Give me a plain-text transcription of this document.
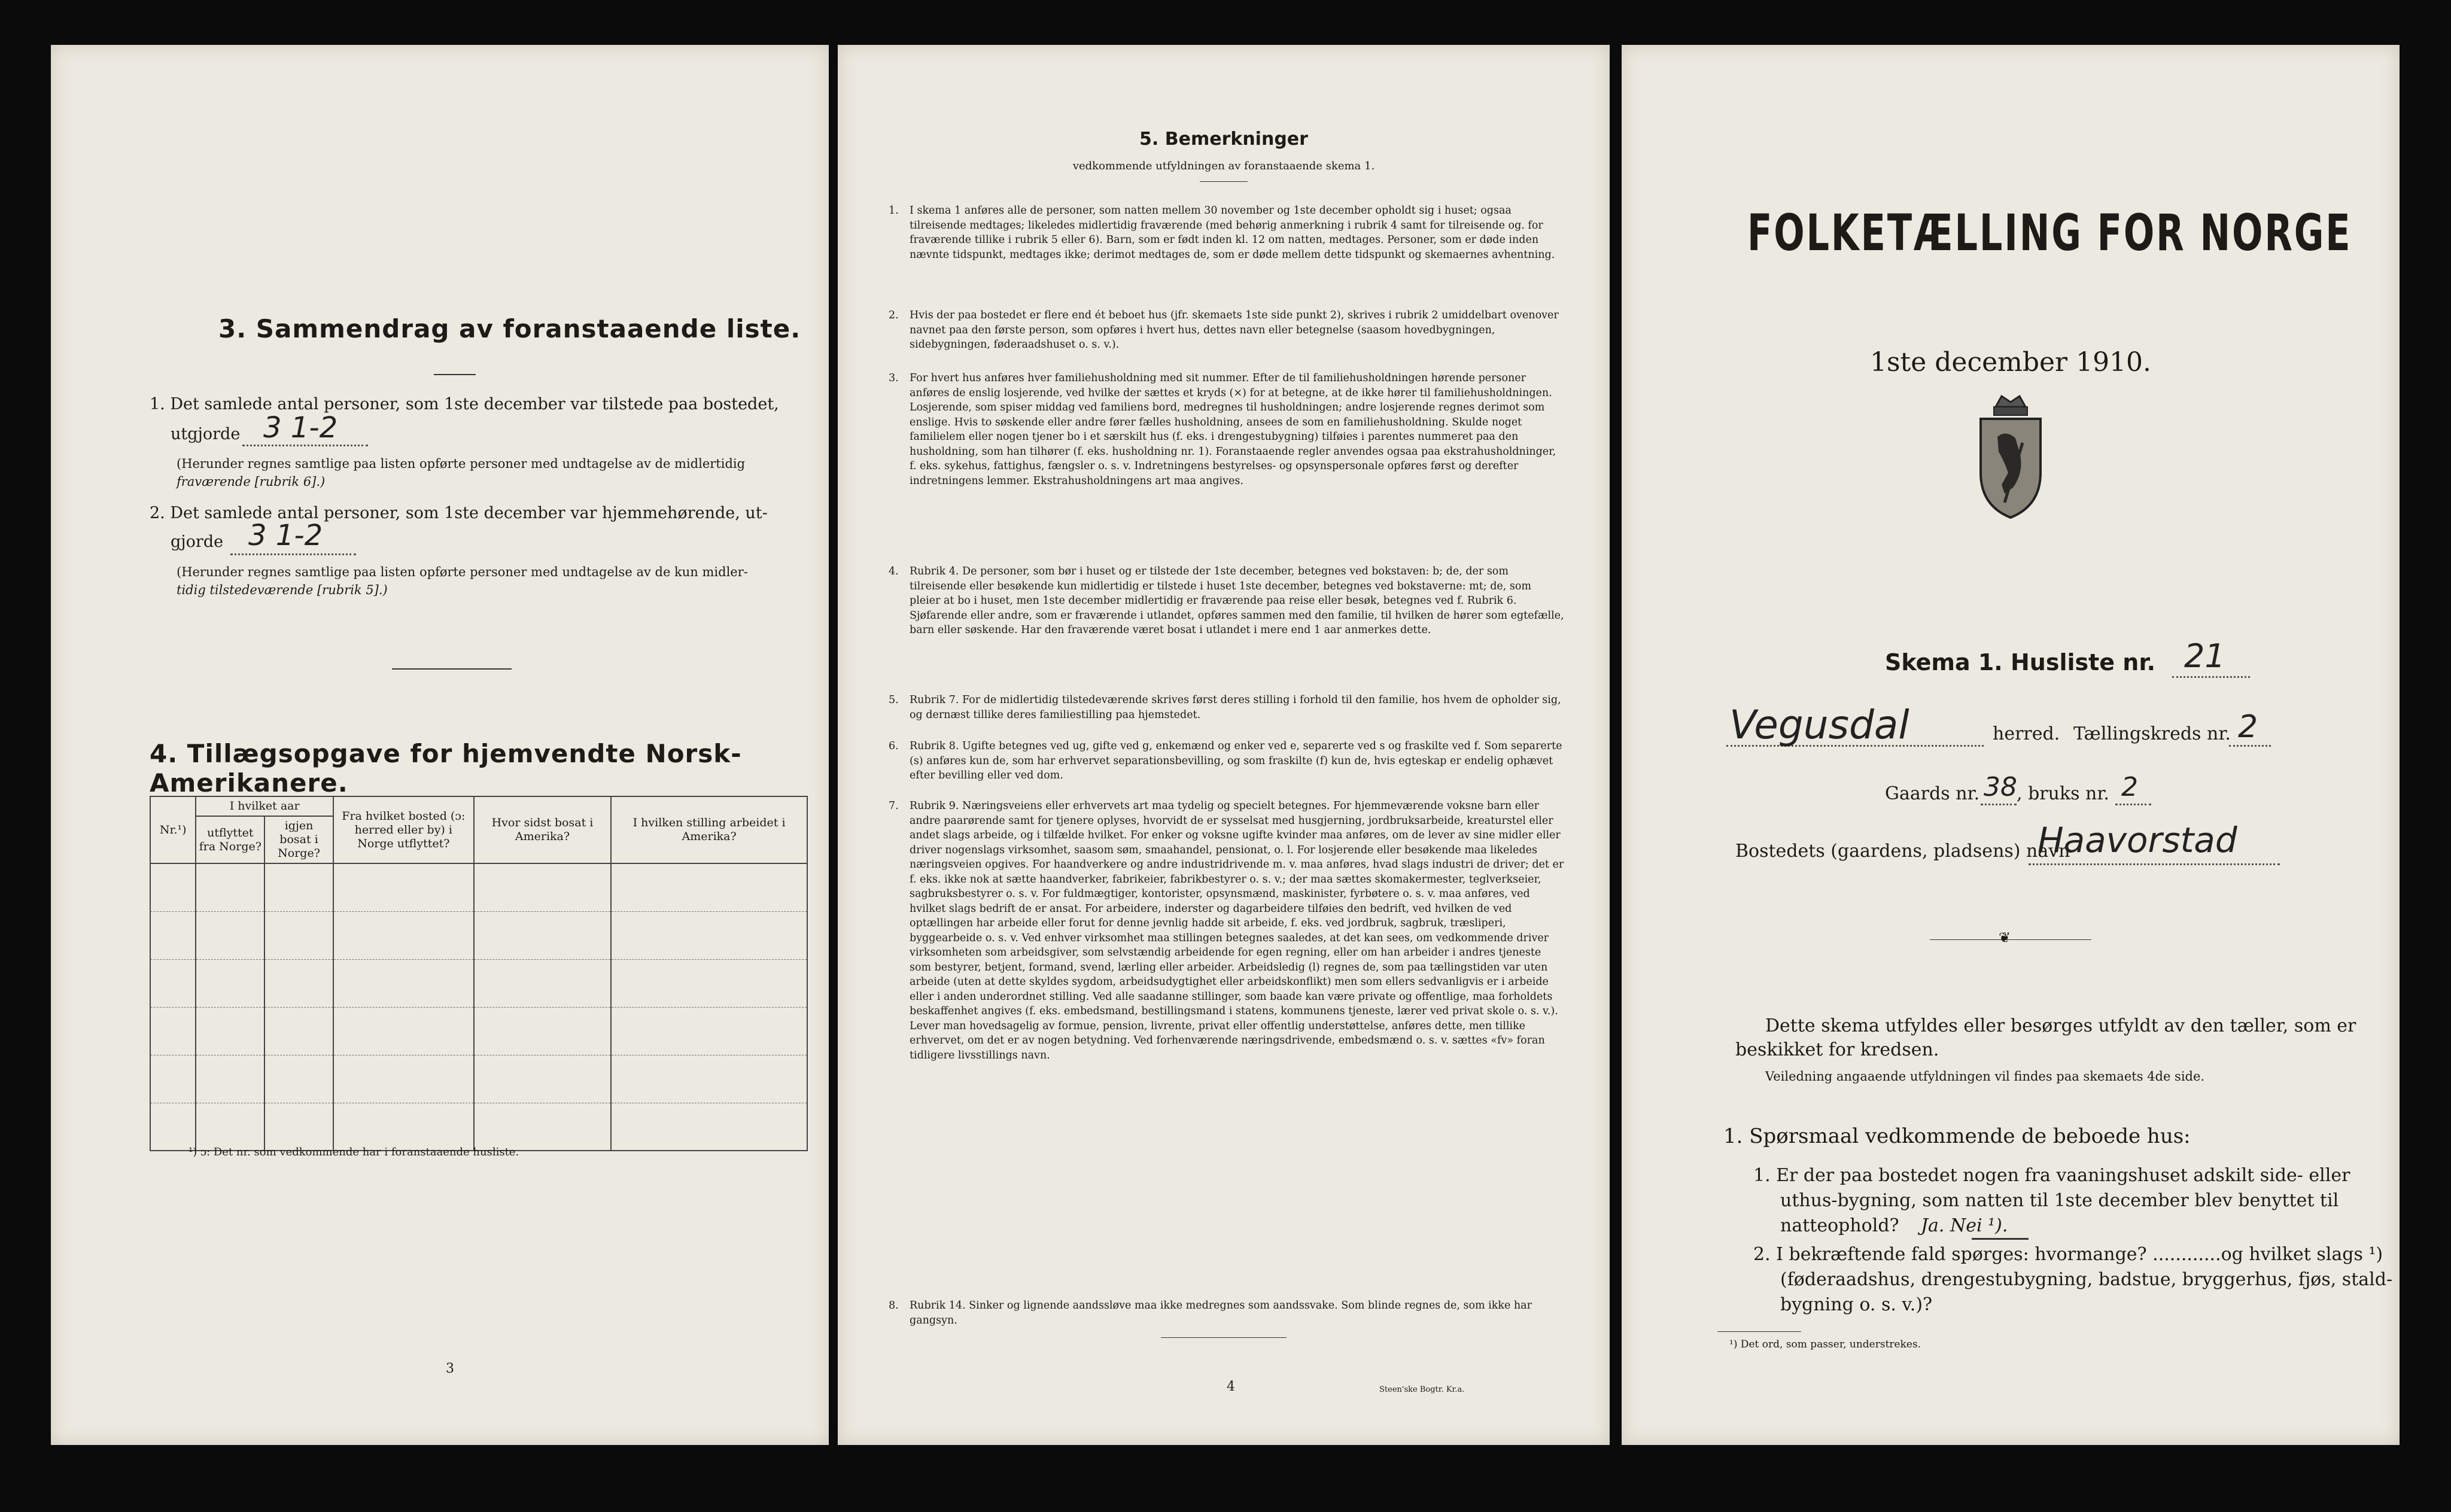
3. Sammendrag av foranstaaende liste.
1. Det samlede antal personer, som 1ste december var tilstede paa bostedet,
utgjorde 3 1-2
(Herunder regnes samtlige paa listen opførte personer med undtagelse av de midlertidig
fraværende [rubrik 6].)
2. Det samlede antal personer, som 1ste december var hjemmehørende, ut-
gjorde 3 1-2
(Herunder regnes samtlige paa listen opførte personer med undtagelse av de kun midler-
tidig tilstedeværende [rubrik 5].)
4. Tillægsopgave for hjemvendte Norsk-Amerikanere.
Nr.¹)	I hvilket aar		Fra hvilket bosted (ɔ: herred eller by) i Norge utflyttet?	Hvor sidst bosat i Amerika?	I hvilken stilling arbeidet i Amerika?
	utflyttet fra Norge?	igjen bosat i Norge?			

¹) ɔ: Det nr. som vedkommende har i foranstaaende husliste.
3
5. Bemerkninger
vedkommende utfyldningen av foranstaaende skema 1.
1. I skema 1 anføres alle de personer, som natten mellem 30 november og 1ste december opholdt sig i huset; ogsaa tilreisende medtages; likeledes midlertidig fraværende (med behørig anmerkning i rubrik 4 samt for tilreisende og. for fraværende tillike i rubrik 5 eller 6). Barn, som er født inden kl. 12 om natten, medtages. Personer, som er døde inden nævnte tidspunkt, medtages ikke; derimot medtages de, som er døde mellem dette tidspunkt og skemaernes avhentning.
2. Hvis der paa bostedet er flere end ét beboet hus (jfr. skemaets 1ste side punkt 2), skrives i rubrik 2 umiddelbart ovenover navnet paa den første person, som opføres i hvert hus, dettes navn eller betegnelse (saasom hovedbygningen, sidebygningen, føderaadshuset o. s. v.).
3. For hvert hus anføres hver familiehusholdning med sit nummer. Efter de til familiehusholdningen hørende personer anføres de enslig losjerende, ved hvilke der sættes et kryds (×) for at betegne, at de ikke hører til familiehusholdningen. Losjerende, som spiser middag ved familiens bord, medregnes til husholdningen; andre losjerende regnes derimot som enslige. Hvis to søskende eller andre fører fælles husholdning, ansees de som en familiehusholdning. Skulde noget familielem eller nogen tjener bo i et særskilt hus (f. eks. i drengestubygning) tilføies i parentes nummeret paa den husholdning, som han tilhører (f. eks. husholdning nr. 1). Foranstaaende regler anvendes ogsaa paa ekstrahusholdninger, f. eks. sykehus, fattighus, fængsler o. s. v. Indretningens bestyrelses- og opsynspersonale opføres først og derefter indretningens lemmer. Ekstrahusholdningens art maa angives.
4. Rubrik 4. De personer, som bør i huset og er tilstede der 1ste december, betegnes ved bokstaven: b; de, der som tilreisende eller besøkende kun midlertidig er tilstede i huset 1ste december, betegnes ved bokstaverne: mt; de, som pleier at bo i huset, men 1ste december midlertidig er fraværende paa reise eller besøk, betegnes ved f. Rubrik 6. Sjøfarende eller andre, som er fraværende i utlandet, opføres sammen med den familie, til hvilken de hører som egtefælle, barn eller søskende. Har den fraværende været bosat i utlandet i mere end 1 aar anmerkes dette.
5. Rubrik 7. For de midlertidig tilstedeværende skrives først deres stilling i forhold til den familie, hos hvem de opholder sig, og dernæst tillike deres familiestilling paa hjemstedet.
6. Rubrik 8. Ugifte betegnes ved ug, gifte ved g, enkemænd og enker ved e, separerte ved s og fraskilte ved f. Som separerte (s) anføres kun de, som har erhvervet separationsbevilling, og som fraskilte (f) kun de, hvis egteskap er endelig ophævet efter bevilling eller ved dom.
7. Rubrik 9. Næringsveiens eller erhvervets art maa tydelig og specielt betegnes. For hjemmeværende voksne barn eller andre paarørende samt for tjenere oplyses, hvorvidt de er sysselsat med husgjerning, jordbruksarbeide, kreaturstel eller andet slags arbeide, og i tilfælde hvilket. For enker og voksne ugifte kvinder maa anføres, om de lever av sine midler eller driver nogenslags virksomhet, saasom søm, smaahandel, pensionat, o. l. For losjerende eller besøkende maa likeledes næringsveien opgives. For haandverkere og andre industridrivende m. v. maa anføres, hvad slags industri de driver; det er f. eks. ikke nok at sætte haandverker, fabrikeier, fabrikbestyrer o. s. v.; der maa sættes skomakermester, teglverkseier, sagbruksbestyrer o. s. v. For fuldmægtiger, kontorister, opsynsmænd, maskinister, fyrbøtere o. s. v. maa anføres, ved hvilket slags bedrift de er ansat. For arbeidere, inderster og dagarbeidere tilføies den bedrift, ved hvilken de ved optællingen har arbeide eller forut for denne jevnlig hadde sit arbeide, f. eks. ved jordbruk, sagbruk, træsliperi, byggearbeide o. s. v. Ved enhver virksomhet maa stillingen betegnes saaledes, at det kan sees, om vedkommende driver virksomheten som arbeidsgiver, som selvstændig arbeidende for egen regning, eller om han arbeider i andres tjeneste som bestyrer, betjent, formand, svend, lærling eller arbeider. Arbeidsledig (l) regnes de, som paa tællingstiden var uten arbeide (uten at dette skyldes sygdom, arbeidsudygtighet eller arbeidskonflikt) men som ellers sedvanligvis er i arbeide eller i anden underordnet stilling. Ved alle saadanne stillinger, som baade kan være private og offentlige, maa forholdets beskaffenhet angives (f. eks. embedsmand, bestillingsmand i statens, kommunens tjeneste, lærer ved privat skole o. s. v.). Lever man hovedsagelig av formue, pension, livrente, privat eller offentlig understøttelse, anføres dette, men tillike erhvervet, om det er av nogen betydning. Ved forhenværende næringsdrivende, embedsmænd o. s. v. sættes «fv» foran tidligere livsstillings navn.
8. Rubrik 14. Sinker og lignende aandssløve maa ikke medregnes som aandssvake. Som blinde regnes de, som ikke har gangsyn.
4	Steen'ske Bogtr. Kr.a.
FOLKETÆLLING FOR NORGE
1ste december 1910.
Skema 1. Husliste nr. 21
Vegusdal	herred. Tællingskreds nr. 2
Gaards nr. 38 , bruks nr. 2
Bostedets (gaardens, pladsens) navn
Haavorstad
❦
Dette skema utfyldes eller besørges utfyldt av den tæller, som er
beskikket for kredsen.
Veiledning angaaende utfyldningen vil findes paa skemaets 4de side.
1. Spørsmaal vedkommende de beboede hus:
1. Er der paa bostedet nogen fra vaaningshuset adskilt side- eller
uthus-bygning, som natten til 1ste december blev benyttet til
natteophold? Ja. Nei ¹).
2. I bekræftende fald spørges: hvormange? ............og hvilket slags ¹)
(føderaadshus, drengestubygning, badstue, bryggerhus, fjøs, stald-
bygning o. s. v.)?
¹) Det ord, som passer, understrekes.
